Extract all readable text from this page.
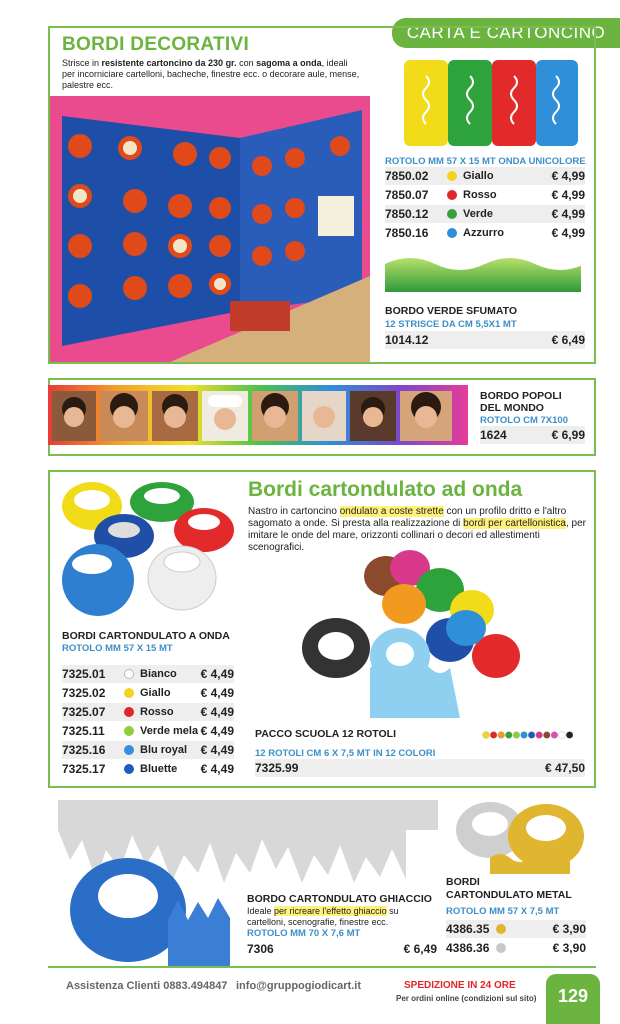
CARTA E CARTONCINO
BORDI DECORATIVI
Strisce in resistente cartoncino da 230 gr. con sagoma a onda, ideali per incorniciare cartelloni, bacheche, finestre ecc. o decorare aule, mense, palestre ecc.
ROTOLO MM 57 X 15 MT ONDA UNICOLORE
7850.02	Giallo	€ 4,99
7850.07	Rosso	€ 4,99
7850.12	Verde	€ 4,99
7850.16	Azzurro	€ 4,99
BORDO VERDE SFUMATO
12 STRISCE DA CM 5,5X1 MT
1014.12	€ 6,49
BORDO POPOLI DEL MONDO
ROTOLO CM 7X100
1624	€ 6,99
Bordi cartondulato ad onda
Nastro in cartoncino ondulato a coste strette con un profilo dritto e l'altro sagomato a onde. Si presta alla realizzazione di bordi per cartellonistica, per imitare le onde del mare, orizzonti collinari o decori ed allestimenti scenografici.
BORDI CARTONDULATO A ONDA
ROTOLO MM 57 X 15 MT
7325.01	Bianco	€ 4,49
7325.02	Giallo	€ 4,49
7325.07	Rosso	€ 4,49
7325.11	Verde mela € 4,49
7325.16	Blu royal	€ 4,49
7325.17	Bluette	€ 4,49
PACCO SCUOLA 12 ROTOLI
12 ROTOLI CM 6 X 7,5 MT IN 12 COLORI
7325.99	€ 47,50
BORDO CARTONDULATO GHIACCIO
Ideale per ricreare l'effetto ghiaccio su cartelloni, scenografie, finestre ecc.
ROTOLO MM 70 X 7,6 MT
7306	€ 6,49
BORDI
CARTONDULATO METAL
ROTOLO MM 57 X 7,5 MT
4386.35	€ 3,90
4386.36	€ 3,90
Assistenza Clienti 0883.494847 info@gruppogiodicart.it	SPEDIZIONE IN 24 ORE
Per ordini online (condizioni sul sito)	129
